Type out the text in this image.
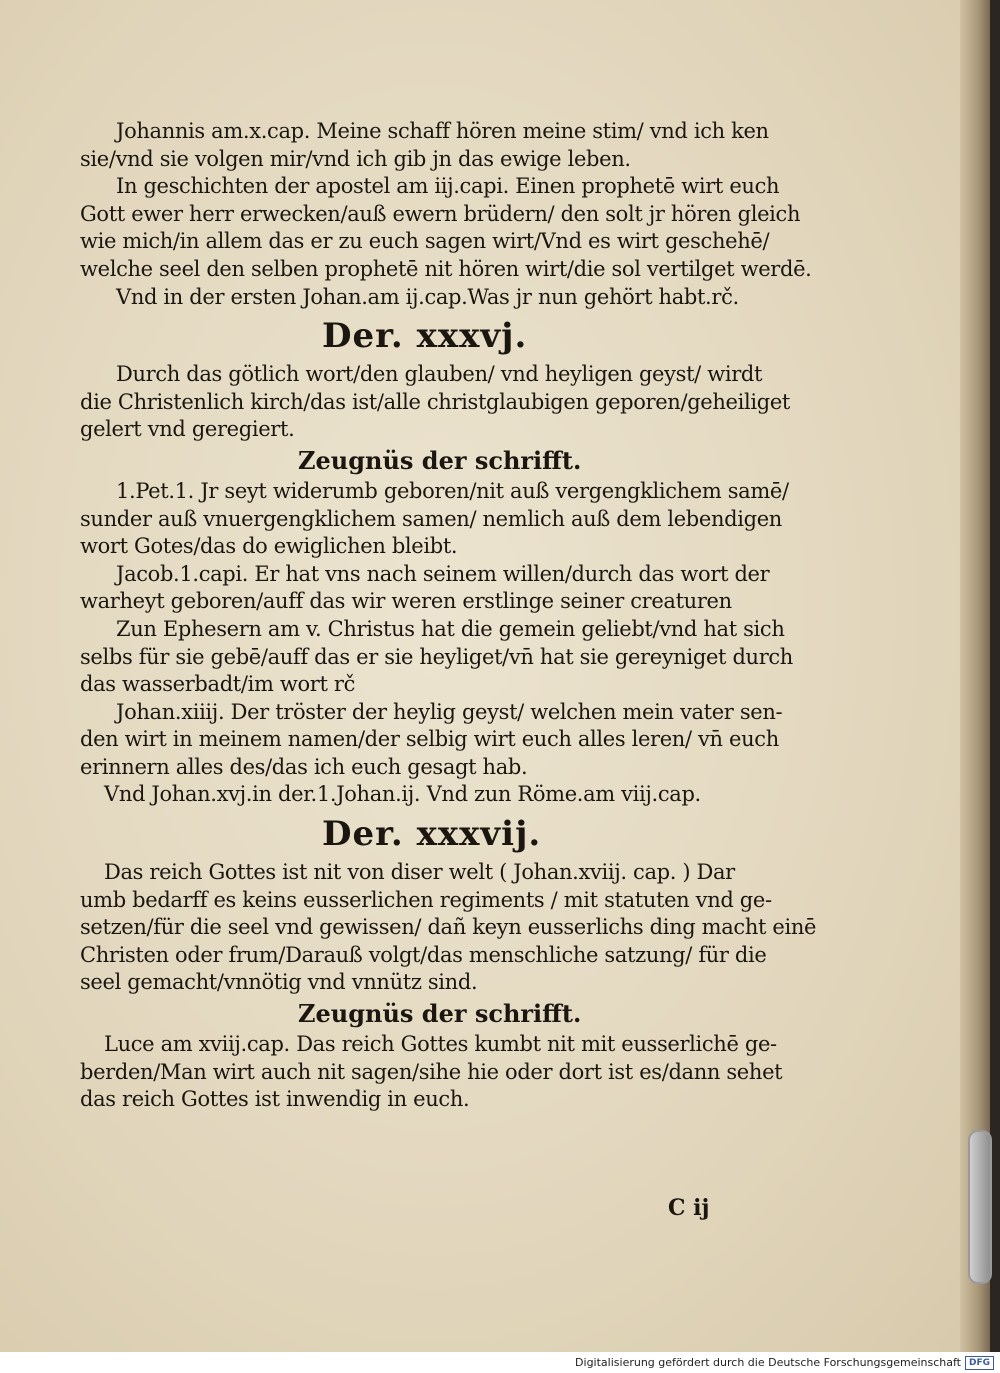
Johannis am.x.cap. Meine schaff hören meine stim/ vnd ich ken
sie/vnd sie volgen mir/vnd ich gib jn das ewige leben.
In geschichten der apostel am iij.capi. Einen prophetē wirt euch
Gott ewer herr erwecken/auß ewern brüdern/ den solt jr hören gleich
wie mich/in allem das er zu euch sagen wirt/Vnd es wirt geschehē/
welche seel den selben prophetē nit hören wirt/die sol vertilget werdē.
Vnd in der ersten Johan.am ij.cap.Was jr nun gehört habt.rč.
Der. xxxvj.
Durch das götlich wort/den glauben/ vnd heyligen geyst/ wirdt
die Christenlich kirch/das ist/alle christglaubigen geporen/geheiliget
gelert vnd geregiert.
Zeugnüs der schrifft.
1.Pet.1. Jr seyt widerumb geboren/nit auß vergengklichem samē/
sunder auß vnuergengklichem samen/ nemlich auß dem lebendigen
wort Gotes/das do ewiglichen bleibt.
Jacob.1.capi. Er hat vns nach seinem willen/durch das wort der
warheyt geboren/auff das wir weren erstlinge seiner creaturen
Zun Ephesern am v. Christus hat die gemein geliebt/vnd hat sich
selbs für sie gebē/auff das er sie heyliget/vn̄ hat sie gereyniget durch
das wasserbadt/im wort rč
Johan.xiiij. Der tröster der heylig geyst/ welchen mein vater sen-
den wirt in meinem namen/der selbig wirt euch alles leren/ vn̄ euch
erinnern alles des/das ich euch gesagt hab.
Vnd Johan.xvj.in der.1.Johan.ij. Vnd zun Röme.am viij.cap.
Der. xxxvij.
Das reich Gottes ist nit von diser welt ( Johan.xviij. cap. ) Dar
umb bedarff es keins eusserlichen regiments / mit statuten vnd ge-
setzen/für die seel vnd gewissen/ dañ keyn eusserlichs ding macht einē
Christen oder frum/Darauß volgt/das menschliche satzung/ für die
seel gemacht/vnnötig vnd vnnütz sind.
Zeugnüs der schrifft.
Luce am xviij.cap. Das reich Gottes kumbt nit mit eusserlichē ge-
berden/Man wirt auch nit sagen/sihe hie oder dort ist es/dann sehet
das reich Gottes ist inwendig in euch.
C ij
Digitalisierung gefördert durch die Deutsche Forschungsgemeinschaft DFG
